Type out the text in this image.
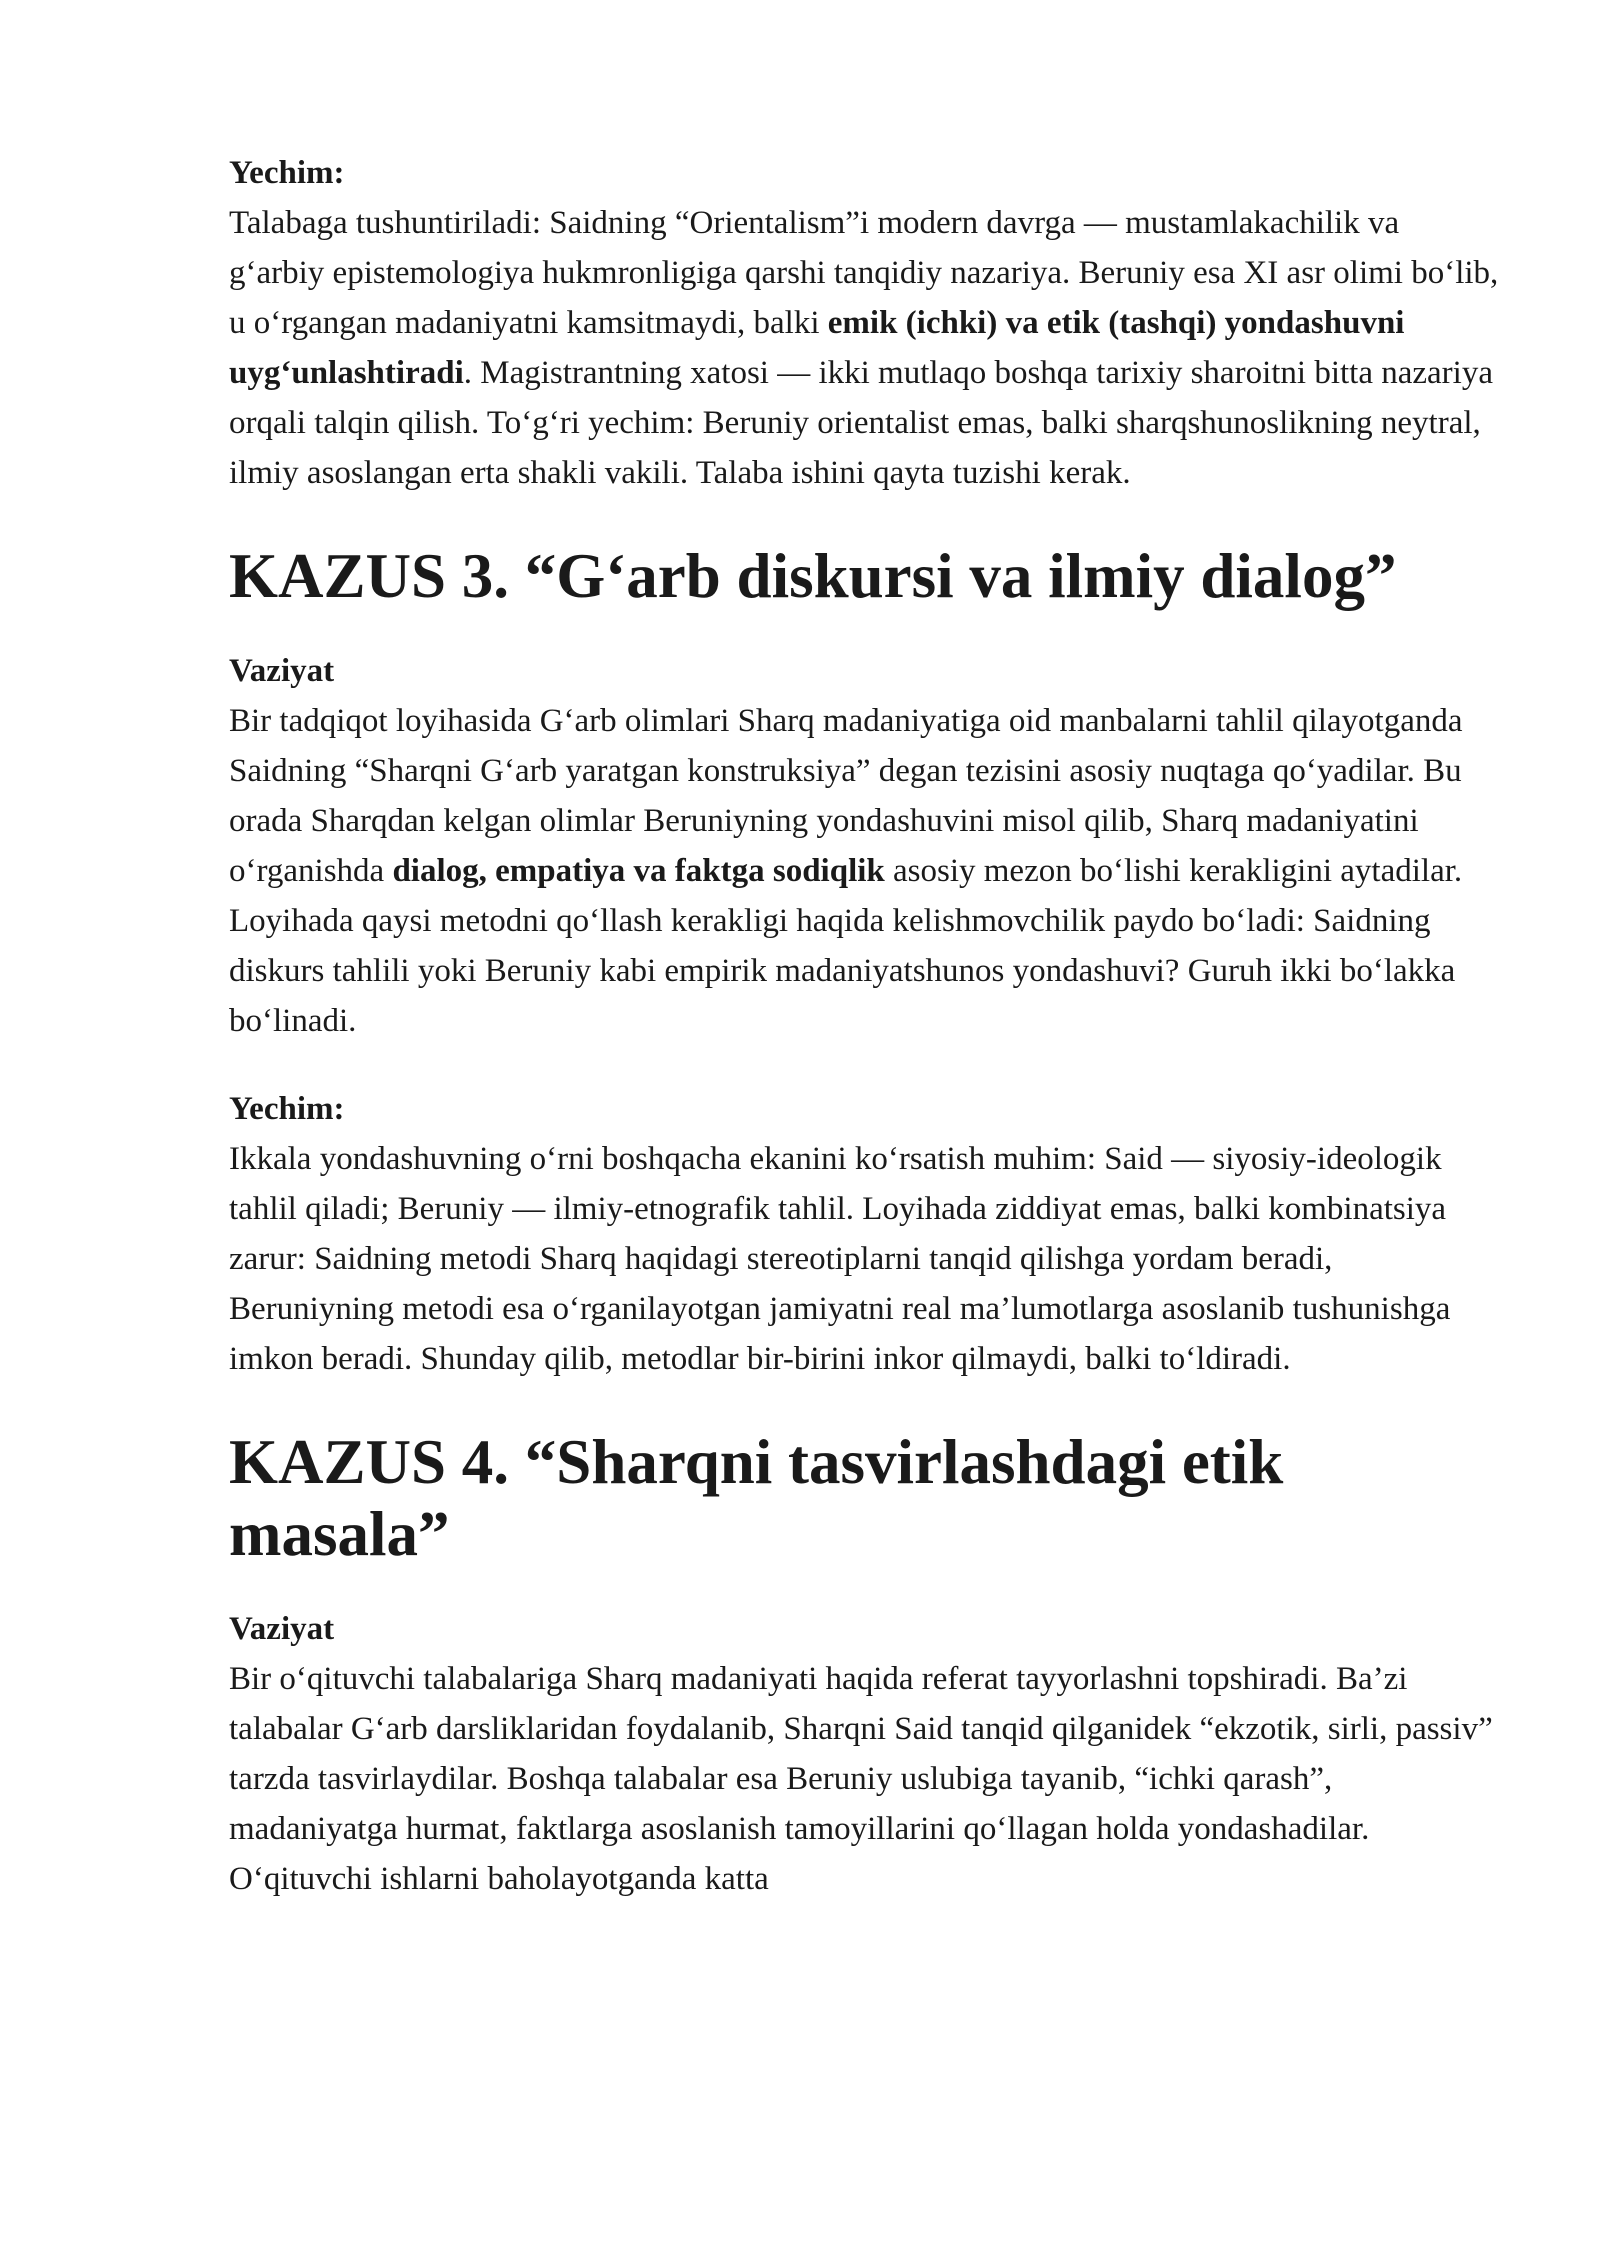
Yechim:

Talabaga tushuntiriladi: Saidning “Orientalism”i modern davrga — mustamlakachilik va g‘arbiy epistemologiya hukmronligiga qarshi tanqidiy nazariya. Beruniy esa XI asr olimi bo‘lib, u o‘rgangan madaniyatni kamsitmaydi, balki emik (ichki) va etik (tashqi) yondashuvni uyg‘unlashtiradi. Magistrantning xatosi — ikki mutlaqo boshqa tarixiy sharoitni bitta nazariya orqali talqin qilish. To‘g‘ri yechim: Beruniy orientalist emas, balki sharqshunoslikning neytral, ilmiy asoslangan erta shakli vakili. Talaba ishini qayta tuzishi kerak.

KAZUS 3. “G‘arb diskursi va ilmiy dialog”

Vaziyat

Bir tadqiqot loyihasida G‘arb olimlari Sharq madaniyatiga oid manbalarni tahlil qilayotganda Saidning “Sharqni G‘arb yaratgan konstruksiya” degan tezisini asosiy nuqtaga qo‘yadilar. Bu orada Sharqdan kelgan olimlar Beruniyning yondashuvini misol qilib, Sharq madaniyatini o‘rganishda dialog, empatiya va faktga sodiqlik asosiy mezon bo‘lishi kerakligini aytadilar. Loyihada qaysi metodni qo‘llash kerakligi haqida kelishmovchilik paydo bo‘ladi: Saidning diskurs tahlili yoki Beruniy kabi empirik madaniyatshunos yondashuvi? Guruh ikki bo‘lakka bo‘linadi.

Yechim:

Ikkala yondashuvning o‘rni boshqacha ekanini ko‘rsatish muhim: Said — siyosiy-ideologik tahlil qiladi; Beruniy — ilmiy-etnografik tahlil. Loyihada ziddiyat emas, balki kombinatsiya zarur: Saidning metodi Sharq haqidagi stereotiplarni tanqid qilishga yordam beradi, Beruniyning metodi esa o‘rganilayotgan jamiyatni real ma’lumotlarga asoslanib tushunishga imkon beradi. Shunday qilib, metodlar bir-birini inkor qilmaydi, balki to‘ldiradi.

KAZUS 4. “Sharqni tasvirlashdagi etik masala”

Vaziyat

Bir o‘qituvchi talabalariga Sharq madaniyati haqida referat tayyorlashni topshiradi. Ba’zi talabalar G‘arb darsliklaridan foydalanib, Sharqni Said tanqid qilganidek “ekzotik, sirli, passiv” tarzda tasvirlaydilar. Boshqa talabalar esa Beruniy uslubiga tayanib, “ichki qarash”, madaniyatga hurmat, faktlarga asoslanish tamoyillarini qo‘llagan holda yondashadilar. O‘qituvchi ishlarni baholayotganda katta
